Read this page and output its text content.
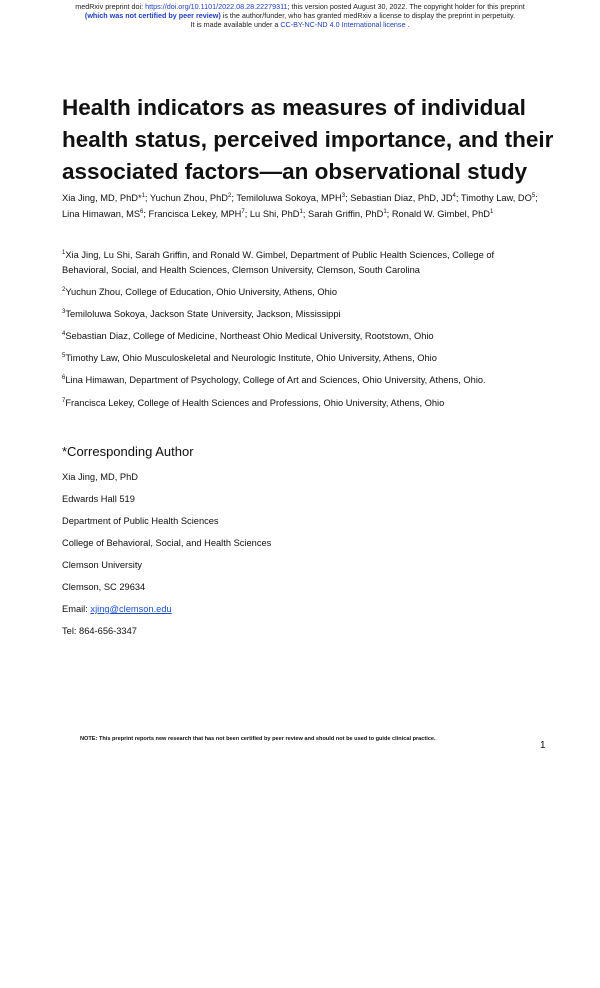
medRxiv preprint doi: https://doi.org/10.1101/2022.08.28.22279311; this version posted August 30, 2022. The copyright holder for this preprint
(which was not certified by peer review) is the author/funder, who has granted medRxiv a license to display the preprint in perpetuity.
It is made available under a CC-BY-NC-ND 4.0 International license .
Health indicators as measures of individual health status, perceived importance, and their associated factors—an observational study
Xia Jing, MD, PhD*$^1$; Yuchun Zhou, PhD$^2$; Temiloluwa Sokoya, MPH$^3$; Sebastian Diaz, PhD, $JD^4$; Timothy Law, $DO^5$; Lina Himawan, $MS^6$; Francisca Lekey, MPH$^7$; Lu Shi, PhD$^1$; Sarah Griffin, PhD$^1$; Ronald W. Gimbel, PhD$^1$
$^1$Xia Jing, Lu Shi, Sarah Griffin, and Ronald W. Gimbel, Department of Public Health Sciences, College of Behavioral, Social, and Health Sciences, Clemson University, Clemson, South Carolina
$^2$Yuchun Zhou, College of Education, Ohio University, Athens, Ohio
$^3$Temiloluwa Sokoya, Jackson State University, Jackson, Mississippi
$^4$Sebastian Diaz, College of Medicine, Northeast Ohio Medical University, Rootstown, Ohio
$^5$Timothy Law, Ohio Musculoskeletal and Neurologic Institute, Ohio University, Athens, Ohio
$^6$Lina Himawan, Department of Psychology, College of Art and Sciences, Ohio University, Athens, Ohio.
$^7$Francisca Lekey, College of Health Sciences and Professions, Ohio University, Athens, Ohio
*Corresponding Author
Xia Jing, MD, PhD
Edwards Hall 519
Department of Public Health Sciences
College of Behavioral, Social, and Health Sciences
Clemson University
Clemson, SC 29634
Email: xjing@clemson.edu
Tel: 864-656-3347
NOTE: This preprint reports new research that has not been certified by peer review and should not be used to guide clinical practice.
1
